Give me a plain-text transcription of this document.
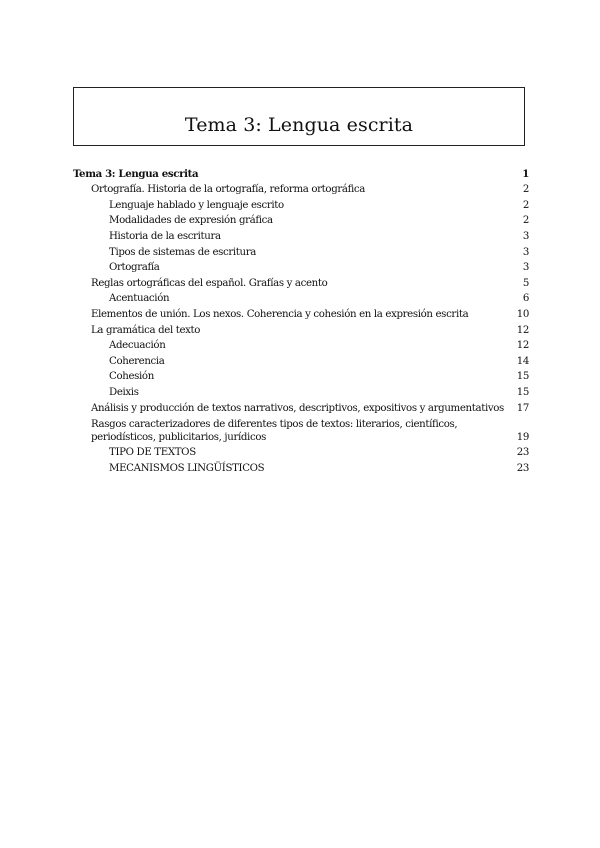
Tema 3: Lengua escrita
Tema 3: Lengua escrita	1
Ortografía. Historia de la ortografía, reforma ortográfica	2
Lenguaje hablado y lenguaje escrito	2
Modalidades de expresión gráfica	2
Historia de la escritura	3
Tipos de sistemas de escritura	3
Ortografía	3
Reglas ortográficas del español. Grafías y acento	5
Acentuación	6
Elementos de unión. Los nexos. Coherencia y cohesión en la expresión escrita	10
La gramática del texto	12
Adecuación	12
Coherencia	14
Cohesión	15
Deixis	15
Análisis y producción de textos narrativos, descriptivos, expositivos y argumentativos	17
Rasgos caracterizadores de diferentes tipos de textos: literarios, científicos, periodísticos, publicitarios, jurídicos	19
TIPO DE TEXTOS	23
MECANISMOS LINGÜÍSTICOS	23
